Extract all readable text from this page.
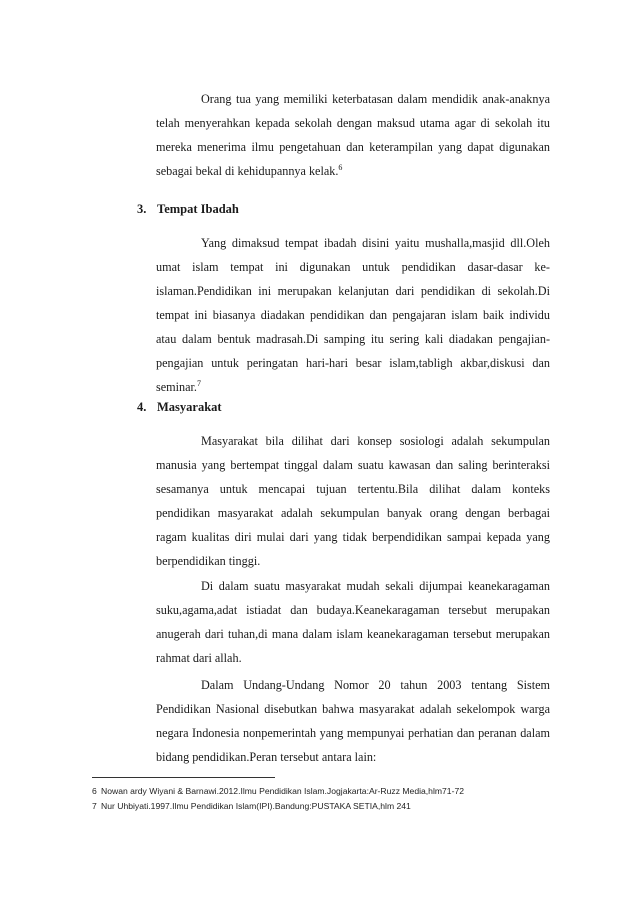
Orang tua yang memiliki keterbatasan dalam mendidik anak-anaknya telah menyerahkan kepada sekolah dengan maksud utama agar di sekolah itu mereka menerima ilmu pengetahuan dan keterampilan yang dapat digunakan sebagai bekal di kehidupannya kelak.$^6$

3. Tempat Ibadah

Yang dimaksud tempat ibadah disini yaitu mushalla,masjid dll.Oleh umat islam tempat ini digunakan untuk pendidikan dasar-dasar ke-islaman.Pendidikan ini merupakan kelanjutan dari pendidikan di sekolah.Di tempat ini biasanya diadakan pendidikan dan pengajaran islam baik individu atau dalam bentuk madrasah.Di samping itu sering kali diadakan pengajian-pengajian untuk peringatan hari-hari besar islam,tabligh akbar,diskusi dan seminar.$^7$

4. Masyarakat

Masyarakat bila dilihat dari konsep sosiologi adalah sekumpulan manusia yang bertempat tinggal dalam suatu kawasan dan saling berinteraksi sesamanya untuk mencapai tujuan tertentu.Bila dilihat dalam konteks pendidikan masyarakat adalah sekumpulan banyak orang dengan berbagai ragam kualitas diri mulai dari yang tidak berpendidikan sampai kepada yang berpendidikan tinggi.

Di dalam suatu masyarakat mudah sekali dijumpai keanekaragaman suku,agama,adat istiadat dan budaya.Keanekaragaman tersebut merupakan anugerah dari tuhan,di mana dalam islam keanekaragaman tersebut merupakan rahmat dari allah.

Dalam Undang-Undang Nomor 20 tahun 2003 tentang Sistem Pendidikan Nasional disebutkan bahwa masyarakat adalah sekelompok warga negara Indonesia nonpemerintah yang mempunyai perhatian dan peranan dalam bidang pendidikan.Peran tersebut antara lain:

6 Nowan ardy Wiyani & Barnawi.2012.Ilmu Pendidikan Islam.Jogjakarta:Ar-Ruzz Media,hlm71-72

7 Nur Uhbiyati.1997.Ilmu Pendidikan Islam(IPI).Bandung:PUSTAKA SETIA,hlm 241
